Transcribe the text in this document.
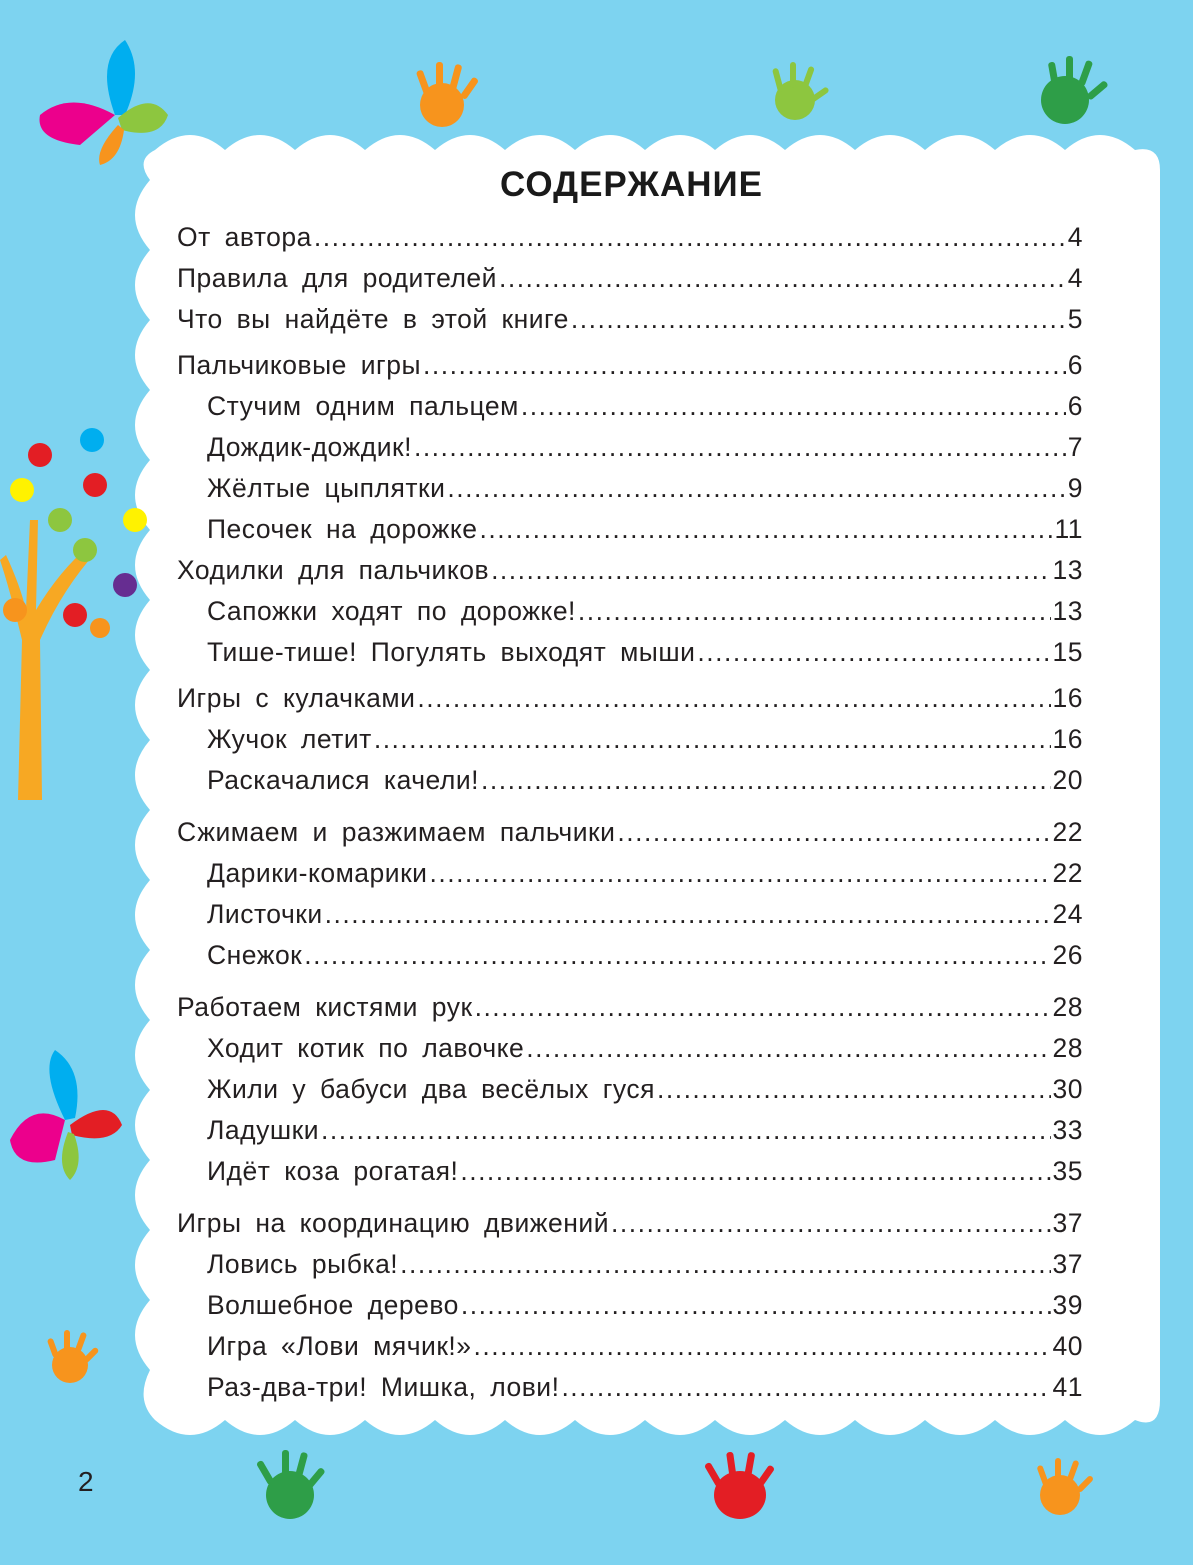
СОДЕРЖАНИЕ
От автора .....	4
Правила для родителей .....	4
Что вы найдёте в этой книге .....	5
Пальчиковые игры .....	6
Стучим одним пальцем .....	6
Дождик-дождик! .....	7
Жёлтые цыплятки .....	9
Песочек на дорожке .....	11
Ходилки для пальчиков .....	13
Сапожки ходят по дорожке! .....	13
Тише-тише! Погулять выходят мыши .....	15
Игры с кулачками .....	16
Жучок летит .....	16
Раскачалися качели! .....	20
Сжимаем и разжимаем пальчики .....	22
Дарики-комарики .....	22
Листочки .....	24
Снежок .....	26
Работаем кистями рук .....	28
Ходит котик по лавочке .....	28
Жили у бабуси два весёлых гуся .....	30
Ладушки .....	33
Идёт коза рогатая! .....	35
Игры на координацию движений .....	37
Ловись рыбка! .....	37
Волшебное дерево .....	39
Игра «Лови мячик!» .....	40
Раз-два-три! Мишка, лови! .....	41
2
